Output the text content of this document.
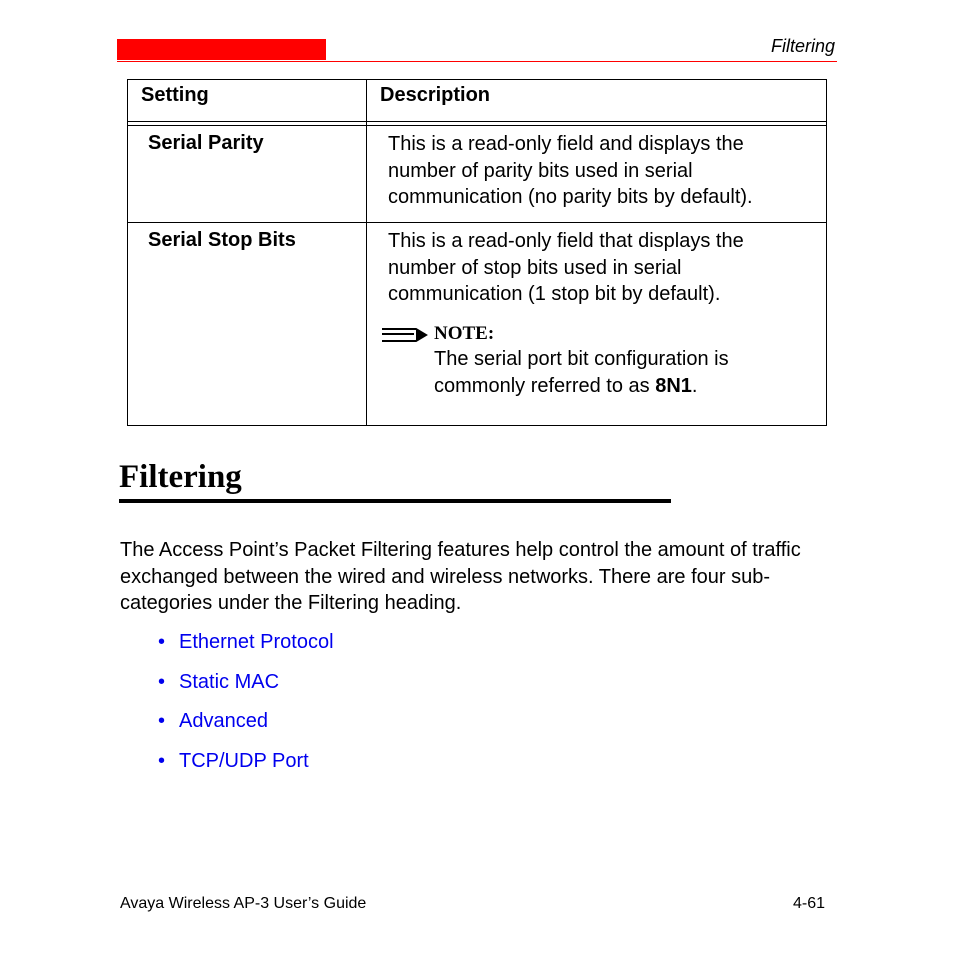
Filtering
Setting	Description

Serial Parity	This is a read-only field and displays the number of parity bits used in serial communication (no parity bits by default).
Serial Stop Bits	This is a read-only field that displays the number of stop bits used in serial communication (1 stop bit by default).
NOTE:
The serial port bit configuration is commonly referred to as 8N1.
Filtering

The Access Point’s Packet Filtering features help control the amount of traffic exchanged between the wired and wireless networks. There are four sub-categories under the Filtering heading.

• Ethernet Protocol
• Static MAC
• Advanced
• TCP/UDP Port
Avaya Wireless AP-3 User’s Guide	4-61
